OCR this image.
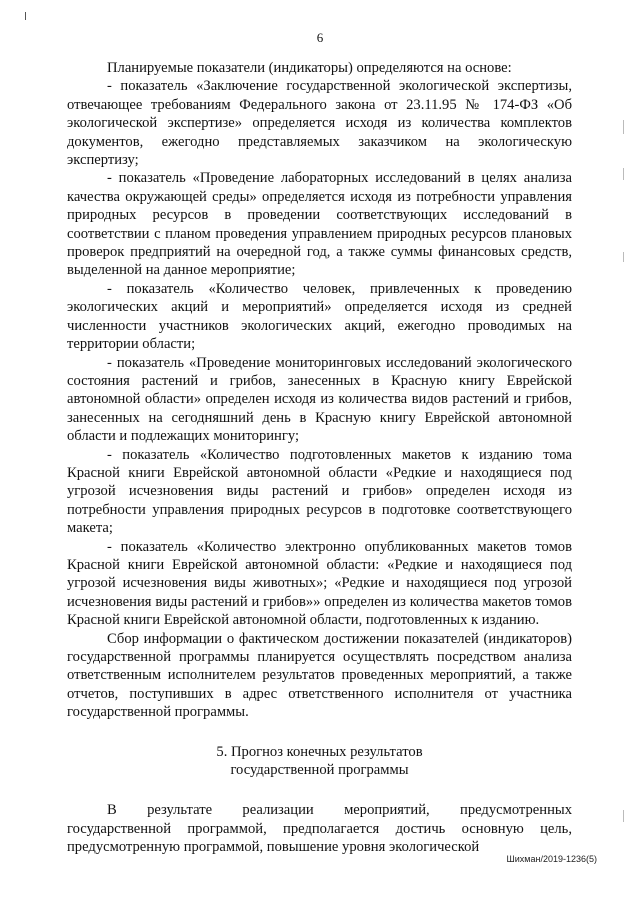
6

Планируемые показатели (индикаторы) определяются на основе:

- показатель «Заключение государственной экологической экспертизы, отвечающее требованиям Федерального закона от 23.11.95 № 174-ФЗ «Об экологической экспертизе» определяется исходя из количества комплектов документов, ежегодно представляемых заказчиком на экологическую экспертизу;

- показатель «Проведение лабораторных исследований в целях анализа качества окружающей среды» определяется исходя из потребности управления природных ресурсов в проведении соответствующих исследований в соответствии с планом проведения управлением природных ресурсов плановых проверок предприятий на очередной год, а также суммы финансовых средств, выделенной на данное мероприятие;

- показатель «Количество человек, привлеченных к проведению экологических акций и мероприятий» определяется исходя из средней численности участников экологических акций, ежегодно проводимых на территории области;

- показатель «Проведение мониторинговых исследований экологического состояния растений и грибов, занесенных в Красную книгу Еврейской автономной области» определен исходя из количества видов растений и грибов, занесенных на сегодняшний день в Красную книгу Еврейской автономной области и подлежащих мониторингу;

- показатель «Количество подготовленных макетов к изданию тома Красной книги Еврейской автономной области «Редкие и находящиеся под угрозой исчезновения виды растений и грибов» определен исходя из потребности управления природных ресурсов в подготовке соответствующего макета;

- показатель «Количество электронно опубликованных макетов томов Красной книги Еврейской автономной области: «Редкие и находящиеся под угрозой исчезновения виды животных»; «Редкие и находящиеся под угрозой исчезновения виды растений и грибов»» определен из количества макетов томов Красной книги Еврейской автономной области, подготовленных к изданию.

Сбор информации о фактическом достижении показателей (индикаторов) государственной программы планируется осуществлять посредством анализа ответственным исполнителем результатов проведенных мероприятий, а также отчетов, поступивших в адрес ответственного исполнителя от участника государственной программы.

5. Прогноз конечных результатов
государственной программы

В результате реализации мероприятий, предусмотренных государственной программой, предполагается достичь основную цель, предусмотренную программой, повышение уровня экологической

Шихман/2019-1236(5)
